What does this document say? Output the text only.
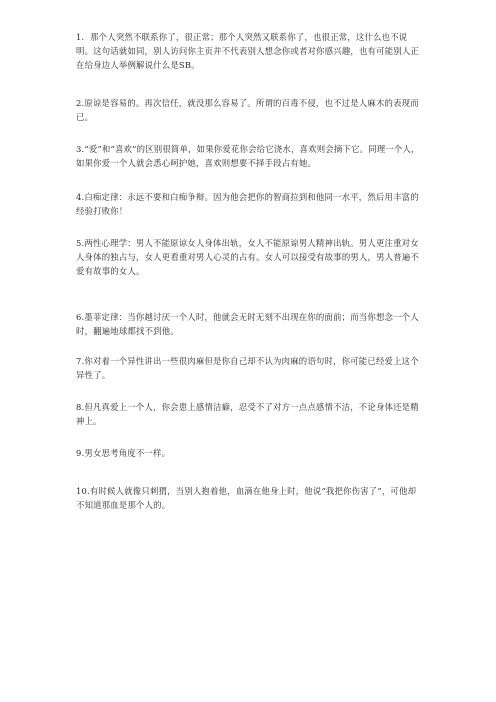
1．那个人突然不联系你了，很正常；那个人突然又联系你了，也很正常，这什么也不说明。这句话就如同，别人访问你主页并不代表别人想念你或者对你感兴趣，也有可能别人正在给身边人举例解说什么是SB。

2.原谅是容易的。再次信任，就没那么容易了。所谓的百毒不侵，也不过是人麻木的表现而已。

3.“爱”和“喜欢”的区别很简单，如果你爱花你会给它浇水，喜欢则会摘下它。同理一个人，如果你爱一个人就会悉心呵护她，喜欢则想要不择手段占有她。

4.白痴定律：永远不要和白痴争辩。因为他会把你的智商拉到和他同一水平，然后用丰富的经验打败你！

5.两性心理学：男人不能原谅女人身体出轨，女人不能原谅男人精神出轨。男人更注重对女人身体的独占与，女人更看重对男人心灵的占有。女人可以接受有故事的男人，男人普遍不爱有故事的女人。

6.墨菲定律：当你越讨厌一个人时，他就会无时无刻不出现在你的面前；而当你想念一个人时，翻遍地球都找不到他。

7.你对着一个异性讲出一些很肉麻但是你自己却不认为肉麻的语句时，你可能已经爱上这个异性了。

8.但凡真爱上一个人，你会患上感情洁癖，忍受不了对方一点点感情不洁，不论身体还是精神上。

9.男女思考角度不一样。

10.有时候人就像只刺猬，当别人抱着他，血滴在他身上时，他说“我把你伤害了”，可他却不知道那血是那个人的。
